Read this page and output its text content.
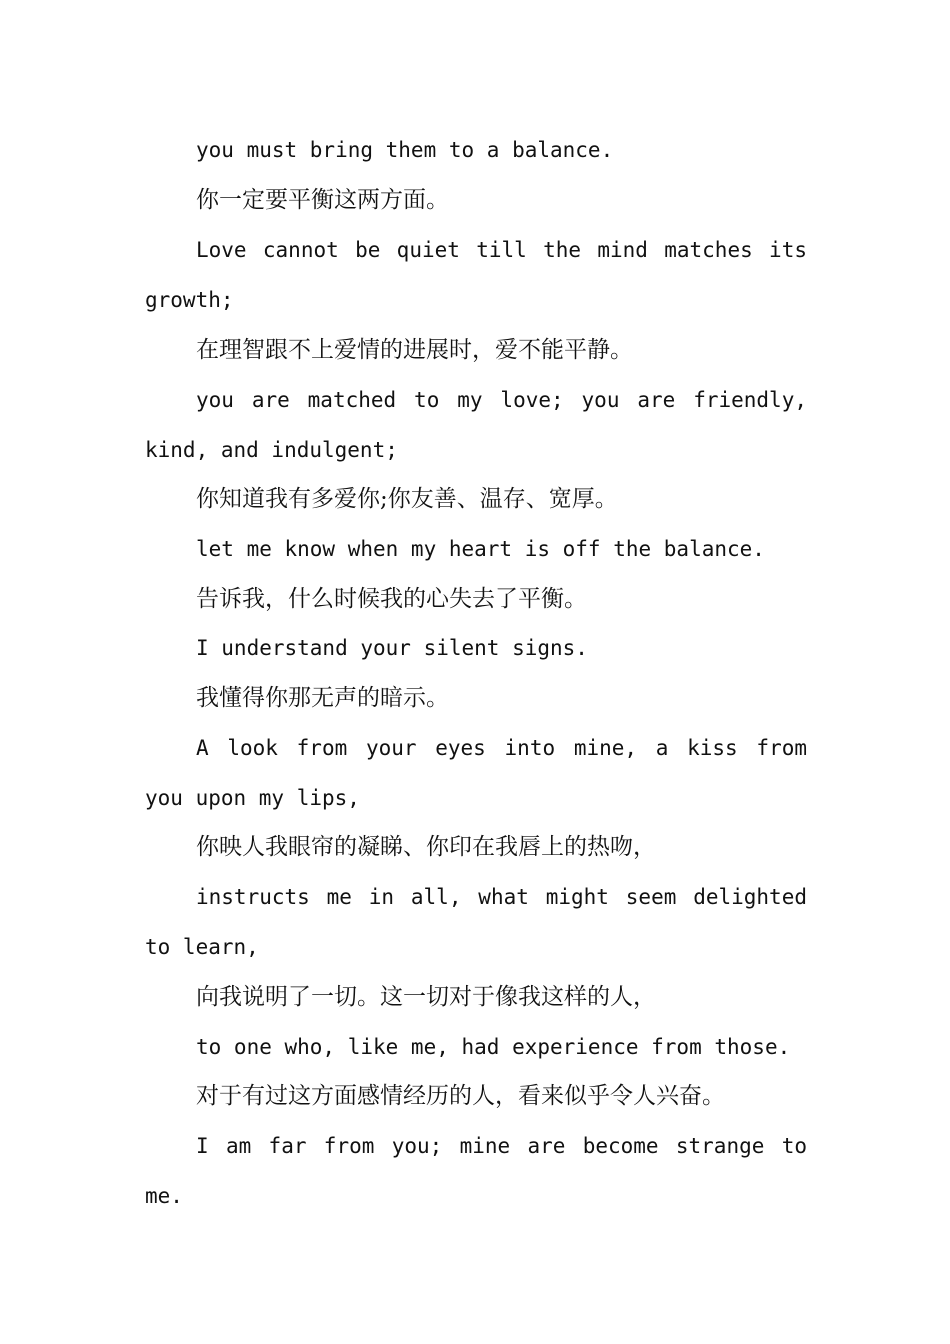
you must bring them to a balance.
你一定要平衡这两方面。
Love cannot be quiet till the mind matches its
growth;
在理智跟不上爱情的进展时，爱不能平静。
you are matched to my love; you are friendly,
kind, and indulgent;
你知道我有多爱你;你友善、温存、宽厚。
let me know when my heart is off the balance.
告诉我，什么时候我的心失去了平衡。
I understand your silent signs.
我懂得你那无声的暗示。
A look from your eyes into mine, a kiss from
you upon my lips,
你映人我眼帘的凝睇、你印在我唇上的热吻，
instructs me in all, what might seem delighted
to learn,
向我说明了一切。这一切对于像我这样的人，
to one who, like me, had experience from those.
对于有过这方面感情经历的人，看来似乎令人兴奋。
I am far from you; mine are become strange to
me.
